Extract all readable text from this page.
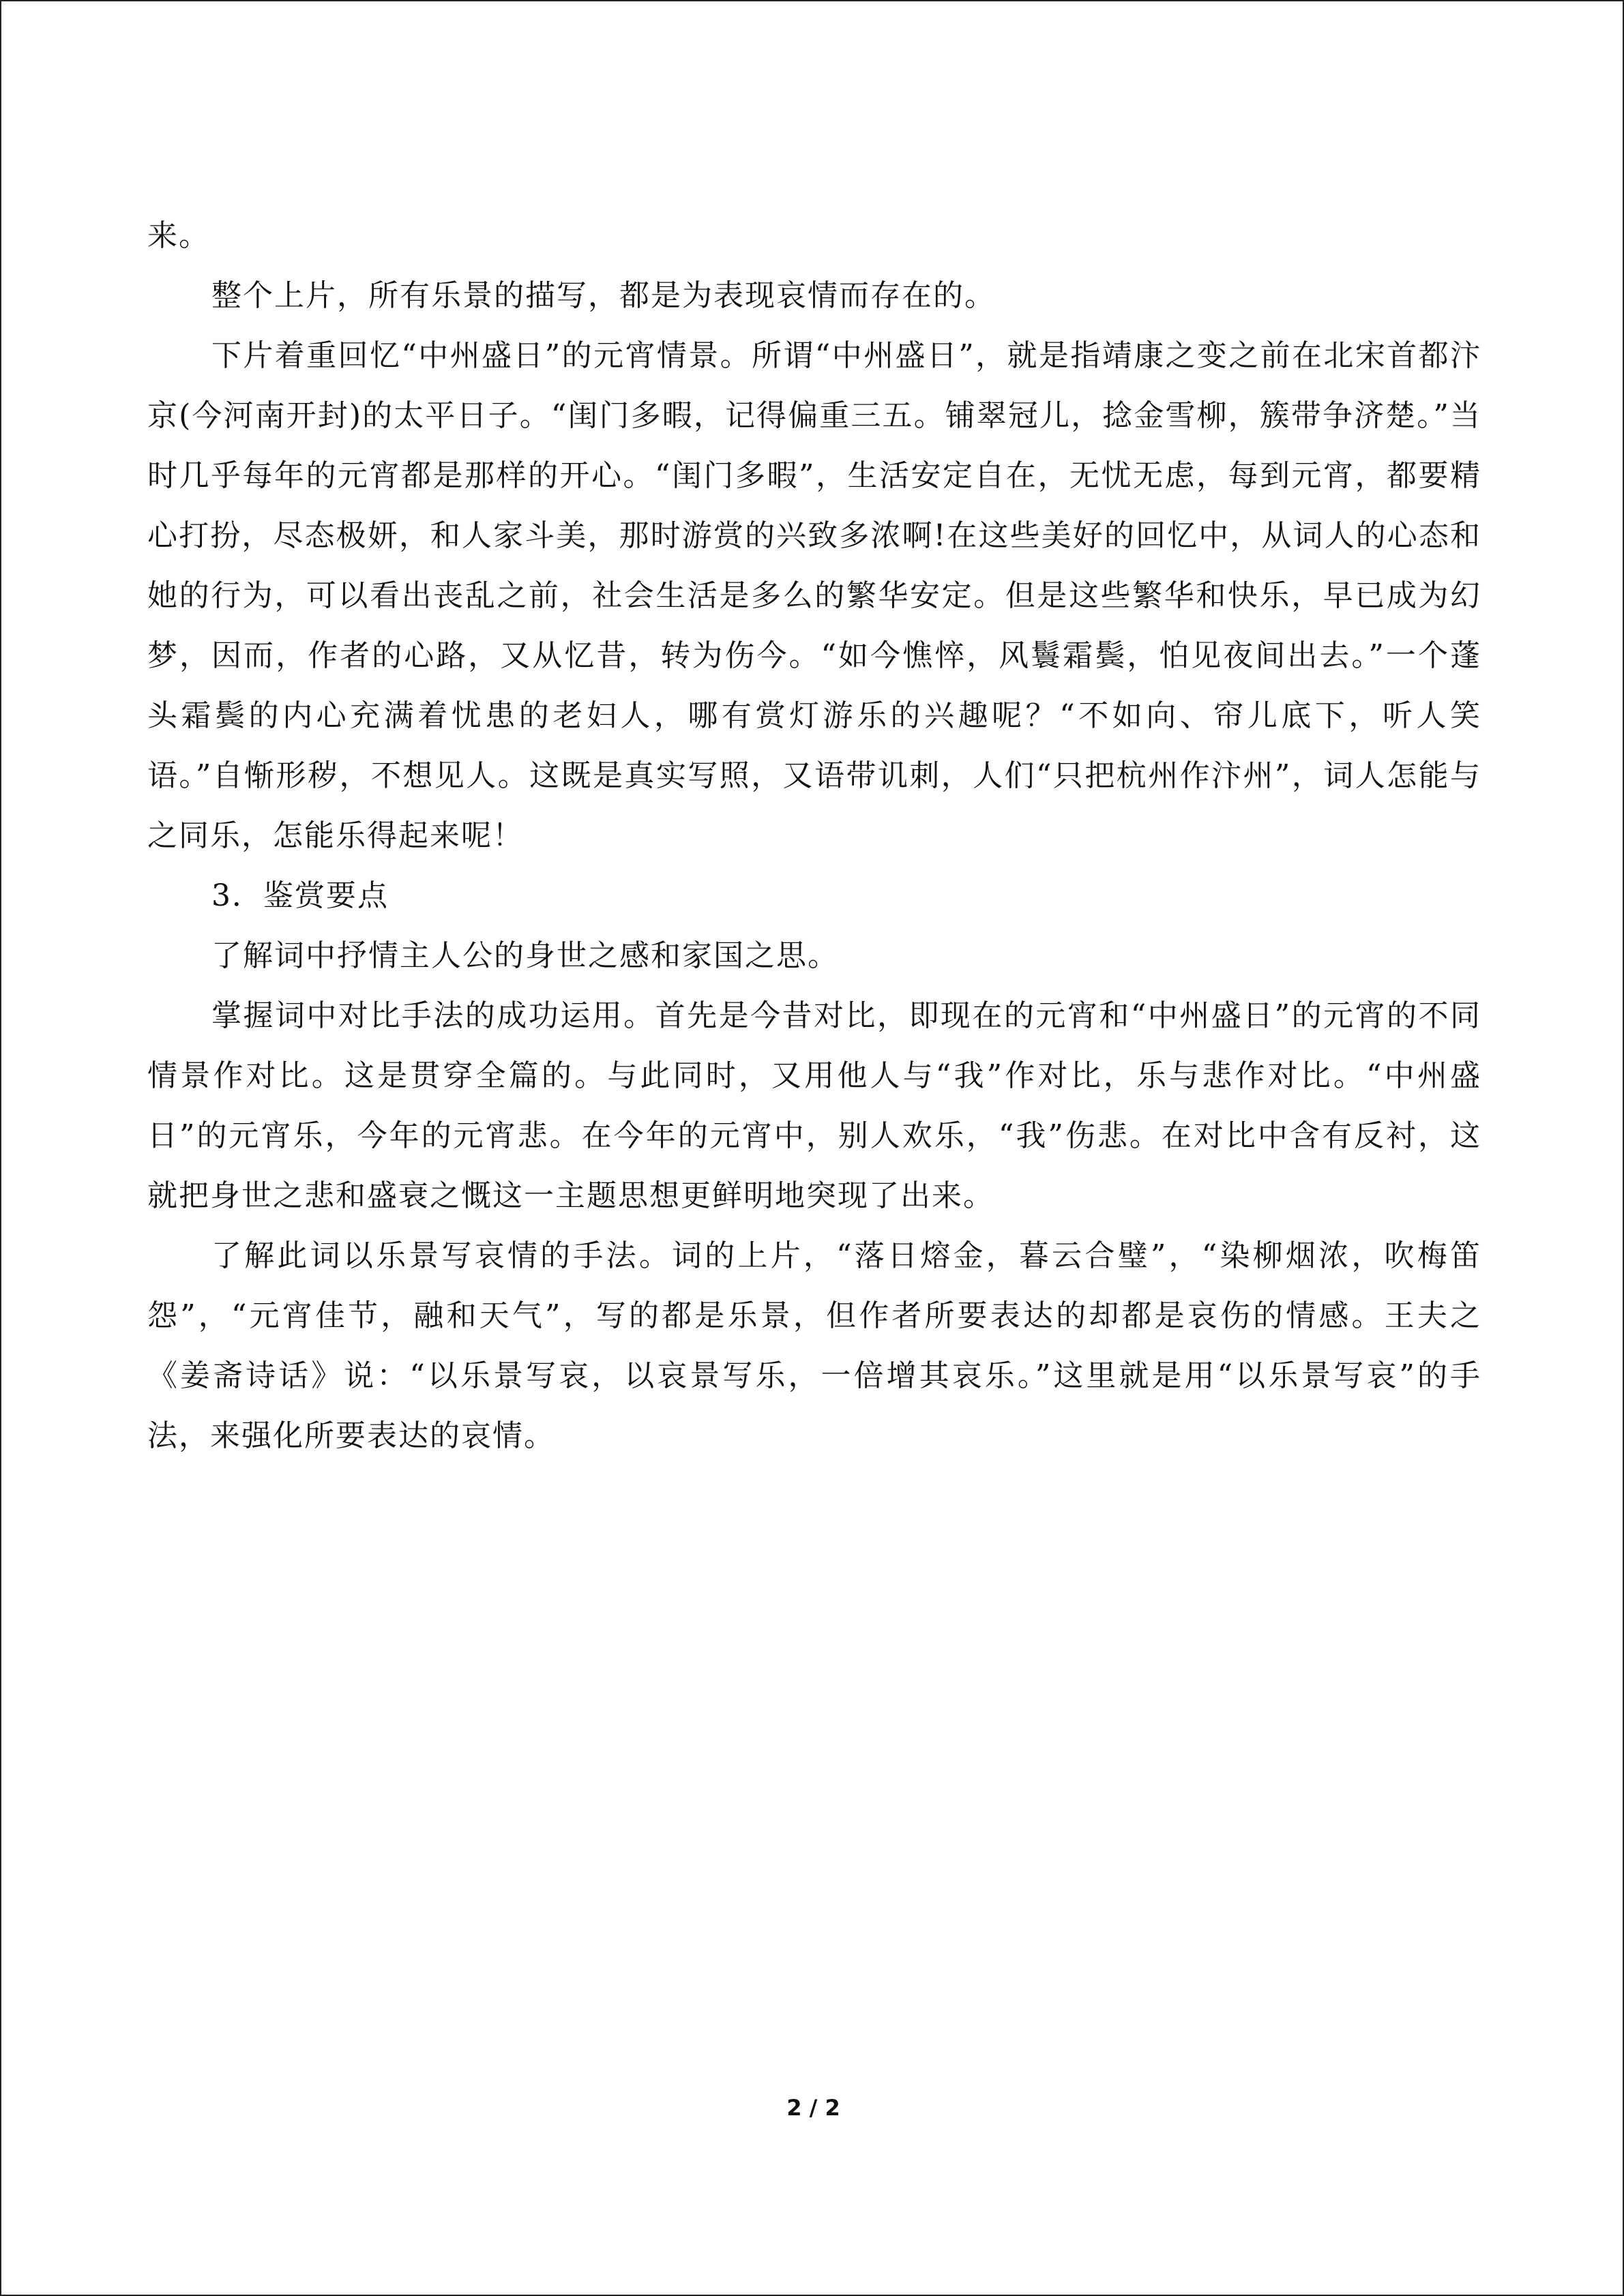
来。

整个上片，所有乐景的描写，都是为表现哀情而存在的。

下片着重回忆“中州盛日”的元宵情景。所谓“中州盛日”，就是指靖康之变之前在北宋首都汴京(今河南开封)的太平日子。“闺门多暇，记得偏重三五。铺翠冠儿，捻金雪柳，簇带争济楚。”当时几乎每年的元宵都是那样的开心。“闺门多暇”，生活安定自在，无忧无虑，每到元宵，都要精心打扮，尽态极妍，和人家斗美，那时游赏的兴致多浓啊!在这些美好的回忆中，从词人的心态和她的行为，可以看出丧乱之前，社会生活是多么的繁华安定。但是这些繁华和快乐，早已成为幻梦，因而，作者的心路，又从忆昔，转为伤今。“如今憔悴，风鬟霜鬓，怕见夜间出去。”一个蓬头霜鬓的内心充满着忧患的老妇人，哪有赏灯游乐的兴趣呢？“不如向、帘儿底下，听人笑语。”自惭形秽，不想见人。这既是真实写照，又语带讥刺，人们“只把杭州作汴州”，词人怎能与之同乐，怎能乐得起来呢！

3．鉴赏要点

了解词中抒情主人公的身世之感和家国之思。

掌握词中对比手法的成功运用。首先是今昔对比，即现在的元宵和“中州盛日”的元宵的不同情景作对比。这是贯穿全篇的。与此同时，又用他人与“我”作对比，乐与悲作对比。“中州盛日”的元宵乐，今年的元宵悲。在今年的元宵中，别人欢乐，“我”伤悲。在对比中含有反衬，这就把身世之悲和盛衰之慨这一主题思想更鲜明地突现了出来。

了解此词以乐景写哀情的手法。词的上片，“落日熔金，暮云合璧”，“染柳烟浓，吹梅笛怨”，“元宵佳节，融和天气”，写的都是乐景，但作者所要表达的却都是哀伤的情感。王夫之《姜斋诗话》说：“以乐景写哀，以哀景写乐，一倍增其哀乐。”这里就是用“以乐景写哀”的手法，来强化所要表达的哀情。

2 / 2
